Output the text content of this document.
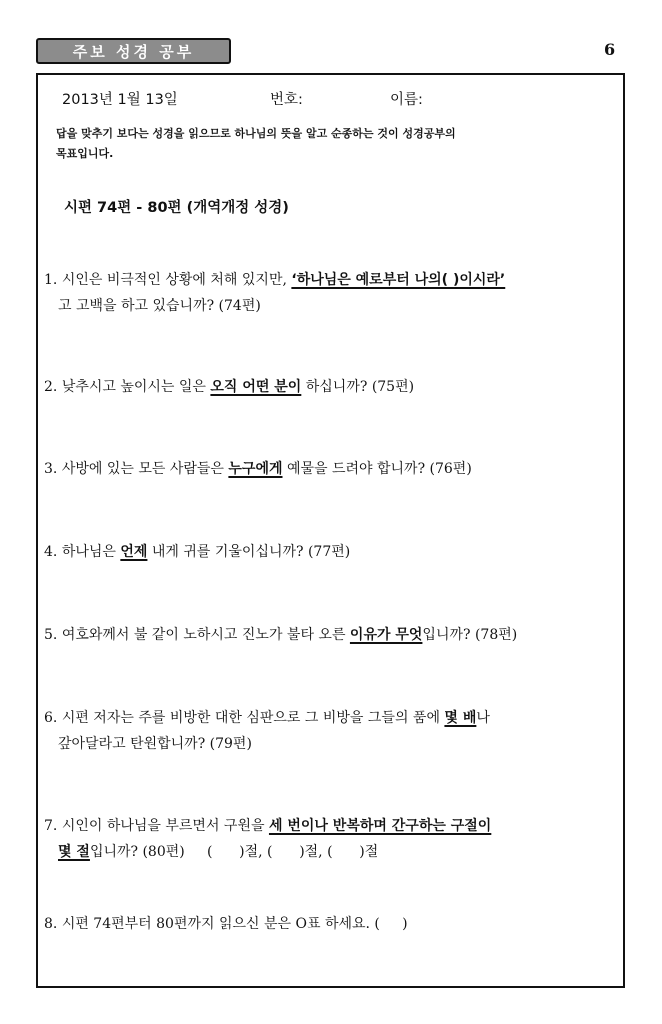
주보 성경 공부	6
2013년 1월 13일	번호:	이름:
답을 맞추기 보다는 성경을 읽으므로 하나님의 뜻을 알고 순종하는 것이 성경공부의
목표입니다.
시편 74편 - 80편 (개역개정 성경)
1. 시인은 비극적인 상황에 처해 있지만, ‘하나님은 예로부터 나의( )이시라’
고 고백을 하고 있습니까? (74편)
2. 낮추시고 높이시는 일은 오직 어떤 분이 하십니까? (75편)
3. 사방에 있는 모든 사람들은 누구에게 예물을 드려야 합니까? (76편)
4. 하나님은 언제 내게 귀를 기울이십니까? (77편)
5. 여호와께서 불 같이 노하시고 진노가 불타 오른 이유가 무엇입니까? (78편)
6. 시편 저자는 주를 비방한 대한 심판으로 그 비방을 그들의 품에 몇 배나
갚아달라고 탄원합니까? (79편)
7. 시인이 하나님을 부르면서 구원을 세 번이나 반복하며 간구하는 구절이
몇 절입니까? (80편)     (      )절, (      )절, (      )절
8. 시편 74편부터 80편까지 읽으신 분은 O표 하세요. (     )
